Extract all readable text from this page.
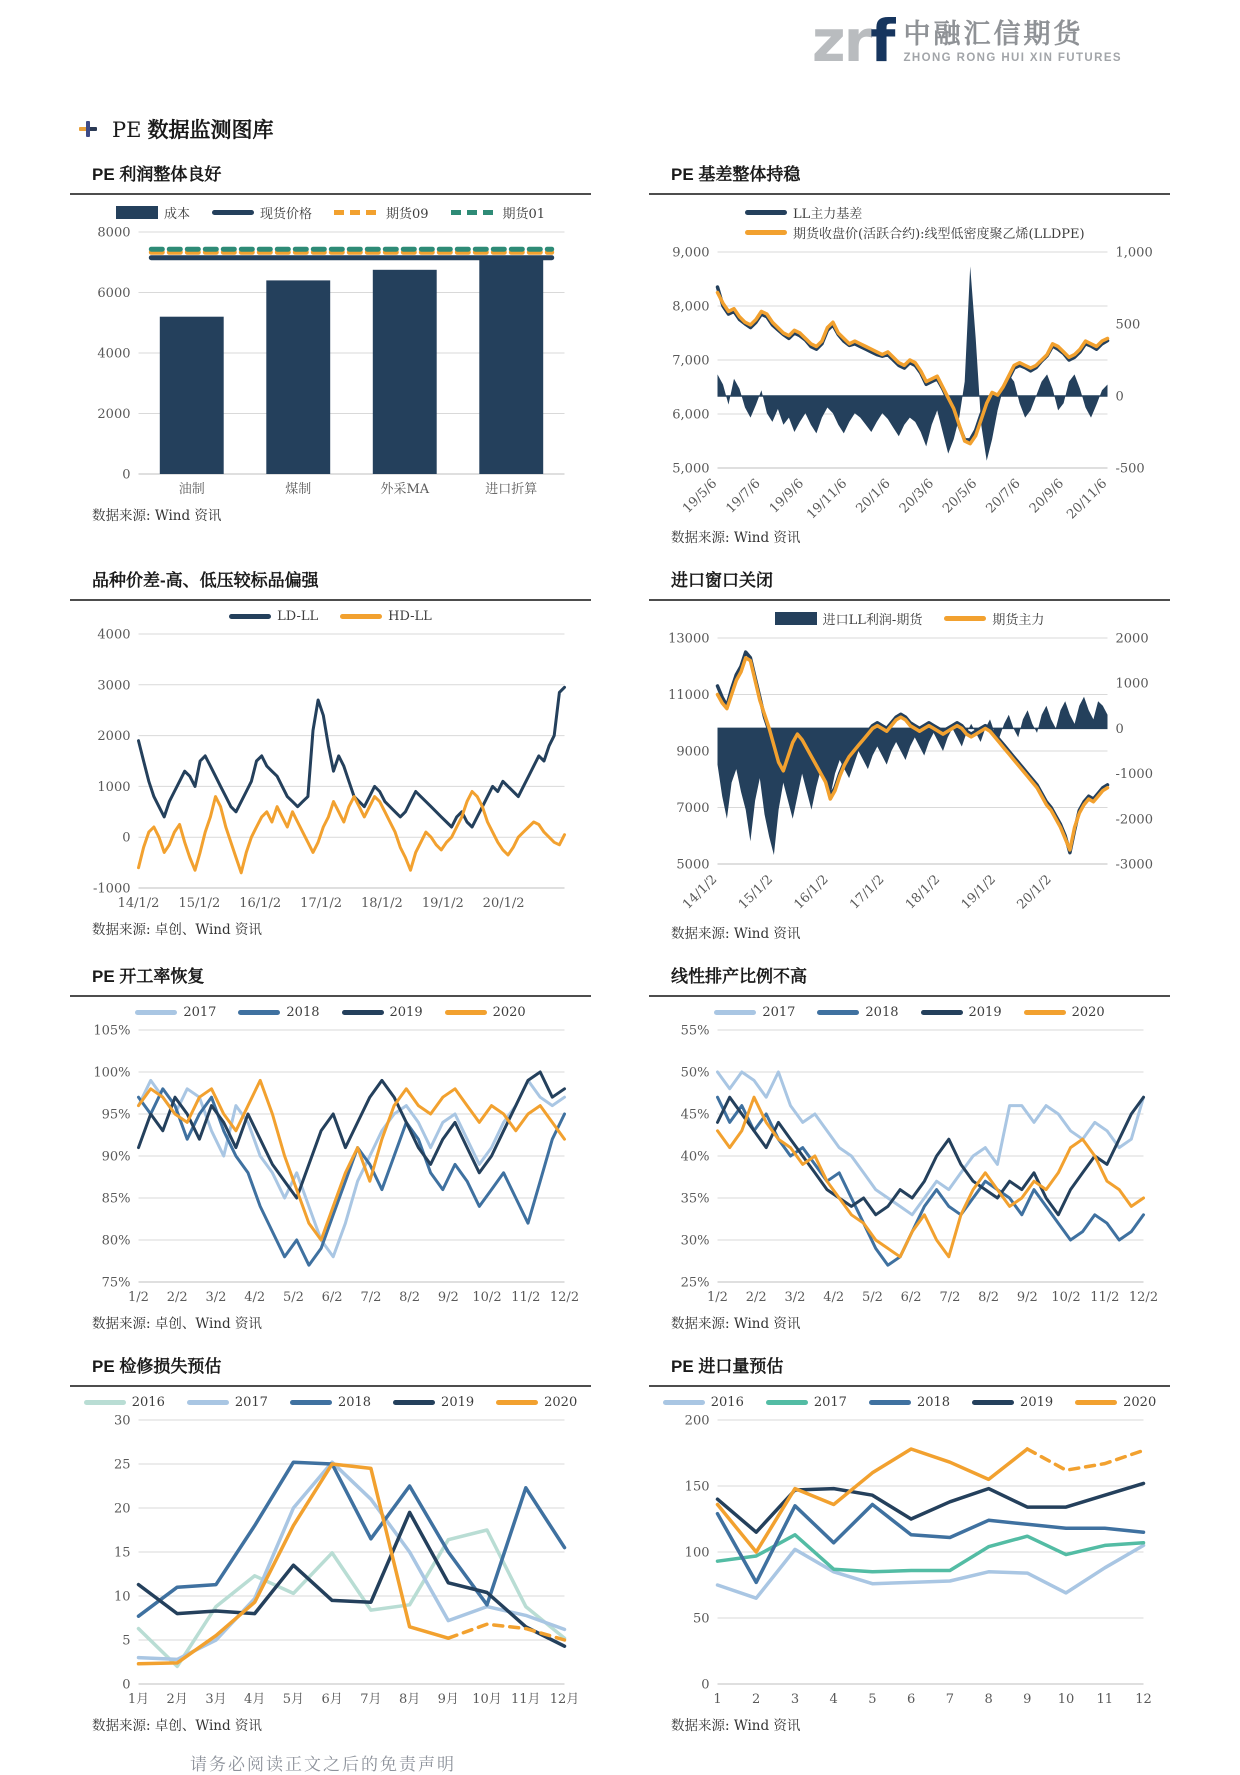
zrf 中融汇信期货
ZHONG RONG HUI XIN FUTURES
PE 数据监测图库
PE 利润整体良好
成本	现货价格	期货09	期货01
0
2000
4000
6000
8000
油制	煤制	外采MA	进口折算
数据来源: Wind 资讯
PE 基差整体持稳
LL主力基差
期货收盘价(活跃合约):线型低密度聚乙烯(LLDPE)
9,000
8,000
7,000
6,000
5,000
1,000
500
0
-500
19/5/6 19/7/6 19/9/6
19/11/6 20/1/6 20/3/6 20/5/6 20/7/6 20/9/6
20/11/6
数据来源: Wind 资讯
品种价差-高、低压较标品偏强
LD-LL	HD-LL
4000
3000
2000
1000
0
-1000
14/1/2 15/1/2 16/1/2 17/1/2 18/1/2 19/1/2 20/1/2
数据来源: 卓创、Wind 资讯
进口窗口关闭
进口LL利润-期货	期货主力
13000
11000
9000
7000
5000
2000
1000
0
-1000
-2000
-3000
14/1/2 15/1/2 16/1/2 17/1/2 18/1/2 19/1/2 20/1/2
数据来源: Wind 资讯
PE 开工率恢复
2017	2018	2019	2020
105%
100%
95%
90%
85%
80%
75%
1/2 2/2 3/2 4/2 5/2 6/2 7/2 8/2 9/2 10/2 11/2 12/2
数据来源: 卓创、Wind 资讯
线性排产比例不高
2017	2018	2019	2020
55%
50%
45%
40%
35%
30%
25%
1/2 2/2 3/2 4/2 5/2 6/2 7/2 8/2 9/2 10/2 11/2 12/2
数据来源: Wind 资讯
PE 检修损失预估
2016	2017	2018	2019	2020
30
25
20
15
10
5
0
1月 2月 3月 4月 5月 6月 7月 8月 9月 10月 11月 12月
数据来源: 卓创、Wind 资讯
PE 进口量预估
2016	2017	2018	2019	2020
200
150
100
50
0
1 2 3 4 5 6 7 8 9 10 11 12
数据来源: Wind 资讯
请务必阅读正文之后的免责声明
